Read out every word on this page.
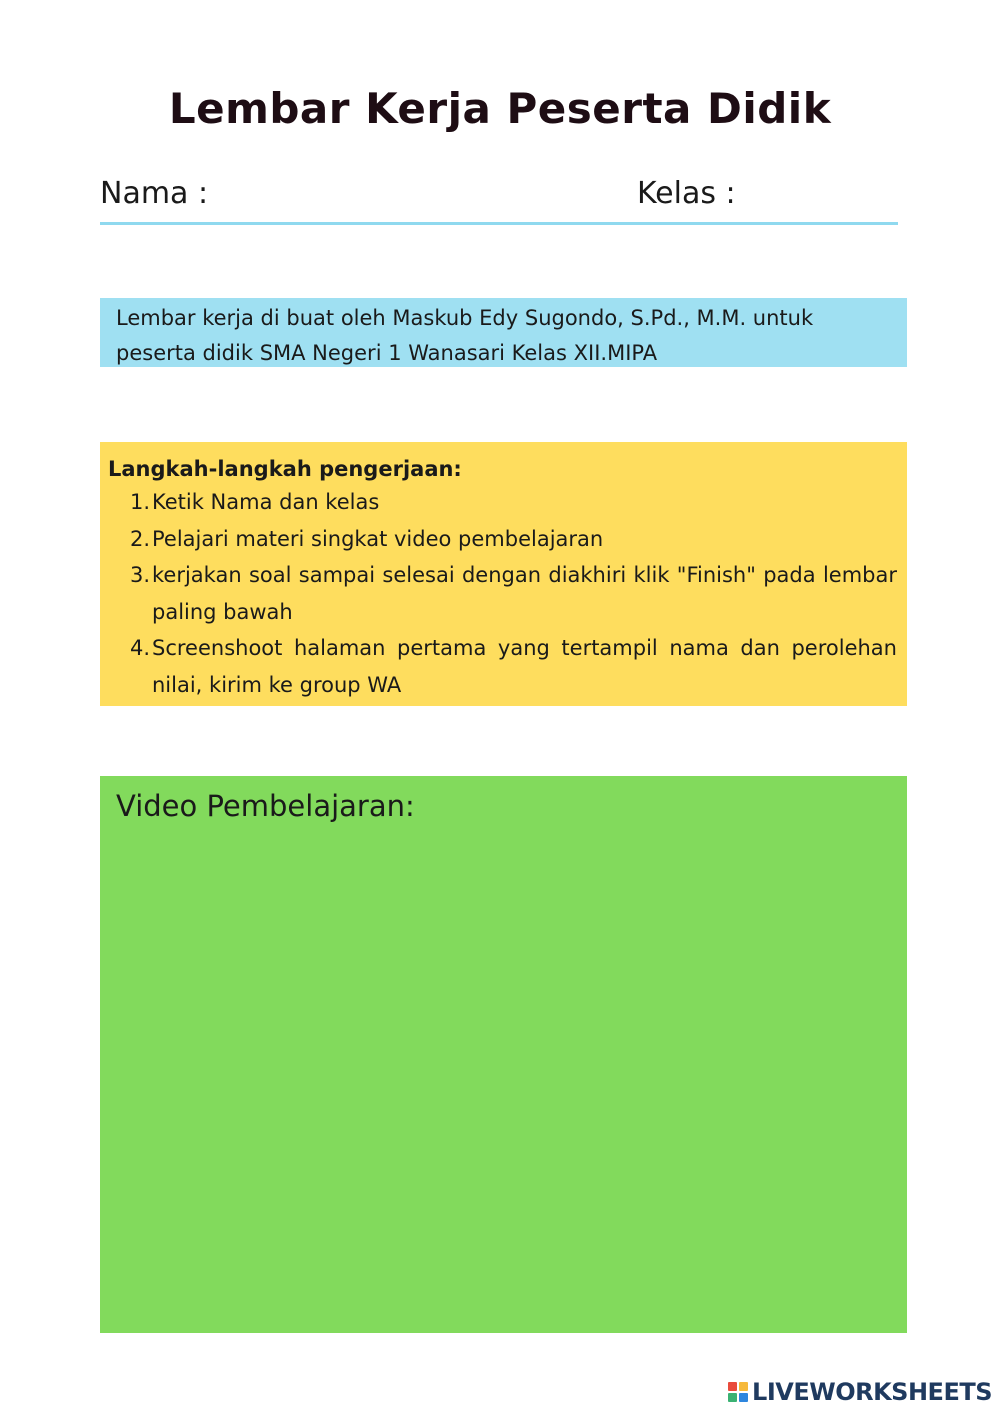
Lembar Kerja Peserta Didik
Nama :	Kelas :
Lembar kerja di buat oleh Maskub Edy Sugondo, S.Pd., M.M. untuk peserta didik SMA Negeri 1 Wanasari Kelas XII.MIPA

Langkah-langkah pengerjaan:

1. Ketik Nama dan kelas
2. Pelajari materi singkat video pembelajaran
3. kerjakan soal sampai selesai dengan diakhiri klik "Finish" pada lembar paling bawah
4. Screenshoot halaman pertama yang tertampil nama dan perolehan nilai, kirim ke group WA
Video Pembelajaran:
LIVEWORKSHEETS
